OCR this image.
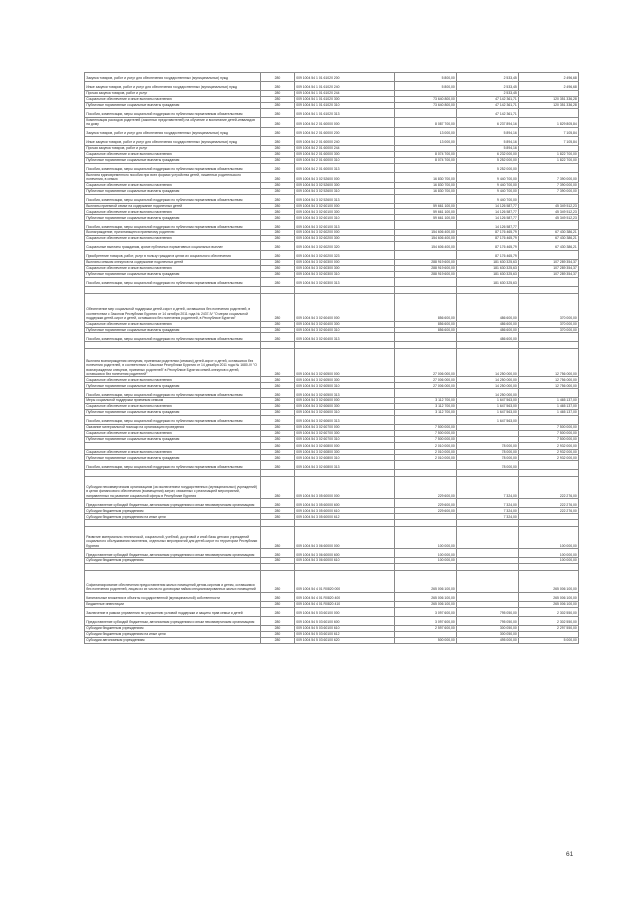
Закупка товаров, работ и услуг для обеспечения государственных (муниципальных) нужд	280	009 1004 54 1 01 61020 200	5 800,00	2 533,45	2 496,68
Иные закупки товаров, работ и услуг для обеспечения государственных (муниципальных) нужд	280	009 1004 54 1 01 61020 240	5 800,00	2 533,45	2 496,68
Прочая закупка товаров, работ и услуг	280	009 1004 54 1 01 61020 244		2 533,45	
Социальное обеспечение и иные выплаты населению	280	009 1004 54 1 01 61020 300	73 640 800,00	47 142 361,71	120 351 336,28
Публичные нормативные социальные выплаты гражданам	280	009 1004 54 1 01 61020 310	73 640 800,00	47 142 361,71	120 351 336,28
Пособия, компенсации, меры социальной поддержки по публичным нормативным обязательствам	280	009 1004 54 1 01 61020 313		47 142 361,71	
Компенсация расходов родителей (законных представителей) на обучение и воспитание детей-инвалидов на дому	280	009 1004 54 2 01 60000 000	8 087 700,00	6 237 894,16	1 829 805,84
Закупка товаров, работ и услуг для обеспечения государственных (муниципальных) нужд	280	009 1004 54 2 01 60000 200	13 000,00	5 894,16	7 105,84
Иные закупки товаров, работ и услуг для обеспечения государственных (муниципальных) нужд	280	009 1004 54 2 01 60000 240	13 000,00	5 894,16	7 105,84
Прочая закупка товаров, работ и услуг	280	009 1004 54 2 01 60000 244		5 894,16	
Социальное обеспечение и иные выплаты населению	280	009 1004 54 2 01 60000 300	8 074 700,00	6 232 000,00	1 822 700,00
Публичные нормативные социальные выплаты гражданам	280	009 1004 54 2 01 60000 310	8 074 700,00	5 252 000,00	1 822 700,00
Пособия, компенсации, меры социальной поддержки по публичным нормативным обязательствам	280	009 1004 54 2 01 60000 313		5 252 000,00	
Выплата единовременного пособия при всех формах устройства детей, лишенных родительского попечения, в семью	280	009 1004 54 3 02 52600 000	16 830 700,00	9 440 700,00	7 390 000,00
Социальное обеспечение и иные выплаты населению	280	009 1004 54 3 02 52600 300	16 830 700,00	9 440 700,00	7 390 000,00
Публичные нормативные социальные выплаты гражданам	280	009 1004 54 3 02 52600 310	16 830 700,00	9 440 700,00	7 390 000,00
Пособия, компенсации, меры социальной поддержки по публичным нормативным обязательствам	280	009 1004 54 3 02 52600 313		9 440 700,00	
Выплаты приемной семье на содержание подопечных детей	280	009 1004 54 3 02 60100 000	59 661 100,00	14 126 587,77	45 349 512,23
Социальное обеспечение и иные выплаты населению	280	009 1004 54 3 02 60100 300	59 661 100,00	14 126 587,77	45 349 512,23
Публичные нормативные социальные выплаты гражданам	280	009 1004 54 3 02 60100 310	59 661 100,00	14 126 587,77	45 349 512,23
Пособия, компенсации, меры социальной поддержки по публичным нормативным обязательствам	280	009 1004 54 3 02 60100 313		14 126 587,77	
Вознаграждение, причитающееся приемному родителю	280	009 1004 54 3 02 60200 000	154 606 400,00	87 176 465,79	67 430 386,21
Социальное обеспечение и иные выплаты населению	280	009 1004 54 3 02 60200 300	154 606 400,00	87 176 465,79	67 430 386,21
Социальные выплаты гражданам, кроме публичных нормативных социальных выплат	280	009 1004 54 3 02 60200 320	154 606 400,00	87 176 465,79	67 430 386,21
Приобретение товаров, работ, услуг в пользу граждан в целях их социального обеспечения	280	009 1004 54 3 02 60200 323		87 176 465,79	
Выплаты семьям опекунов на содержание подопечных детей	280	009 1004 54 3 02 60300 000	288 919 600,00	181 630 325,63	107 289 354,37
Социальное обеспечение и иные выплаты населению	280	009 1004 54 3 02 60300 300	288 919 600,00	181 630 325,63	107 289 354,37
Публичные нормативные социальные выплаты гражданам	280	009 1004 54 3 02 60300 310	288 919 600,00	181 630 325,63	107 289 354,37
Пособия, компенсации, меры социальной поддержки по публичным нормативным обязательствам	280	009 1004 54 3 02 60300 313		181 630 325,63	

Обеспечение мер социальной поддержки детей-сирот и детей, оставшихся без попечения родителей, в соответствии с Законом Республики Бурятия от 14 октября 2011 года № 2437-IV "О мерах социальной поддержки детей-сирот и детей, оставшихся без попечения родителей, в Республике Бурятия"	280	009 1004 54 3 02 60400 000	856 600,00	486 600,00	370 000,00
Социальное обеспечение и иные выплаты населению	280	009 1004 54 3 02 60400 300	856 600,00	486 600,00	370 000,00
Публичные нормативные социальные выплаты гражданам	280	009 1004 54 3 02 60400 310	856 600,00	486 600,00	370 000,00
Пособия, компенсации, меры социальной поддержки по публичным нормативным обязательствам	280	009 1004 54 3 02 60400 313		486 600,00	

Выплата вознаграждения опекунам, приемным родителям (семьям) детей-сирот и детей, оставшихся без попечения родителей, в соответствии с Законом Республики Бурятия от 14 декабря 2011 года № 1680-IV "О вознаграждении опекунов, приемных родителей" в Республике Бурятия семей-опекунов и детей, оставшихся без попечения родителей"	280	009 1004 54 3 02 60500 000	27 006 000,00	14 250 000,00	12 756 000,00
Социальное обеспечение и иные выплаты населению	280	009 1004 54 3 02 60500 300	27 006 000,00	14 250 000,00	12 756 000,00
Публичные нормативные социальные выплаты гражданам	280	009 1004 54 3 02 60500 310	27 006 000,00	14 250 000,00	12 756 000,00
Пособия, компенсации, меры социальной поддержки по публичным нормативным обязательствам	280	009 1004 54 3 02 60500 313		14 250 000,00	
Меры социальной поддержки приемным семьям	280	009 1004 54 3 02 60600 000	3 112 700,00	1 647 563,00	1 465 137,00
Социальное обеспечение и иные выплаты населению	280	009 1004 54 3 02 60600 300	3 112 700,00	1 647 563,00	1 465 137,00
Публичные нормативные социальные выплаты гражданам	280	009 1004 54 3 02 60600 310	3 112 700,00	1 647 563,00	1 465 137,00
Пособия, компенсации, меры социальной поддержки по публичным нормативным обязательствам	280	009 1004 54 3 02 60600 313		1 647 563,00	
Оказание материальной помощи на организацию проведения	280	009 1004 54 3 02 60700 000	7 500 000,00		7 500 000,00
Социальное обеспечение и иные выплаты населению	280	009 1004 54 3 02 60700 300	7 500 000,00		7 500 000,00
Публичные нормативные социальные выплаты гражданам	280	009 1004 54 3 02 60700 310	7 500 000,00		7 500 000,00
	280	009 1004 54 3 02 60800 000	2 010 000,00	78 000,00	2 932 000,00
Социальное обеспечение и иные выплаты населению	280	009 1004 54 3 02 60800 300	2 010 000,00	78 000,00	2 932 000,00
Публичные нормативные социальные выплаты гражданам	280	009 1004 54 3 02 60800 310	2 010 000,00	78 000,00	2 932 000,00
Пособия, компенсации, меры социальной поддержки по публичным нормативным обязательствам	280	009 1004 54 3 02 60800 313		78 000,00	

Субсидии некоммерческим организациям (за исключением государственных (муниципальных) учреждений) в целях финансового обеспечения (возмещения) затрат, связанных с реализацией мероприятий, направленных на развитие социальной сферы в Республике Бурятия	280	009 1004 54 3 05 60000 000	229 600,00	7 324,00	222 276,00
Предоставление субсидий бюджетным, автономным учреждениям и иным некоммерческим организациям	280	009 1004 54 3 05 60000 600	229 600,00	7 324,00	222 276,00
Субсидии бюджетным учреждениям	280	009 1004 54 3 05 60000 610	229 600,00	7 324,00	222 276,00
Субсидии бюджетным учреждениям на иные цели	280	009 1004 54 3 05 60000 612		7 324,00	

Развитие материально-технической, социальной, учебной, досуговой и иной базы детских учреждений социального обслуживания населения, отдельных мероприятий для детей-сирот по территории Республики Бурятия	280	009 1004 54 3 06 60000 000	100 000,00		100 000,00
Предоставление субсидий бюджетным, автономным учреждениям и иным некоммерческим организациям	280	009 1004 54 3 06 60000 600	100 000,00		100 000,00
Субсидии бюджетным учреждениям	280	009 1004 54 3 06 60000 610	100 000,00		100 000,00

Софинансирование обеспечения предоставления жилых помещений детям-сиротам и детям, оставшимся без попечения родителей, лицам из их числа по договорам найма специализированных жилых помещений	280	009 1004 54 4 01 R0820 000	265 006 100,00		265 006 100,00
Капитальные вложения в объекты государственной (муниципальной) собственности	280	009 1004 54 4 01 R0820 400	265 006 100,00		265 006 100,00
Бюджетные инвестиции	280	009 1004 54 4 01 R0820 410	265 006 100,00		265 006 100,00
Заключение в рамках управления по улучшению условий поддержки и защиты прав семьи и детей	280	009 1004 54 5 03 60100 000	3 097 600,00	795 050,00	2 302 550,00
Предоставление субсидий бюджетным, автономным учреждениям и иным некоммерческим организациям	280	009 1004 54 5 03 60100 600	3 097 600,00	795 050,00	2 302 550,00
Субсидии бюджетным учреждениям	280	009 1004 54 5 03 60100 610	2 597 600,00	300 050,00	2 297 550,00
Субсидии бюджетным учреждениям на иные цели	280	009 1004 54 5 03 60100 612		300 050,00	
Субсидии автономным учреждениям	280	009 1004 54 5 03 60100 620	500 000,00	495 000,00	5 000,00
61
